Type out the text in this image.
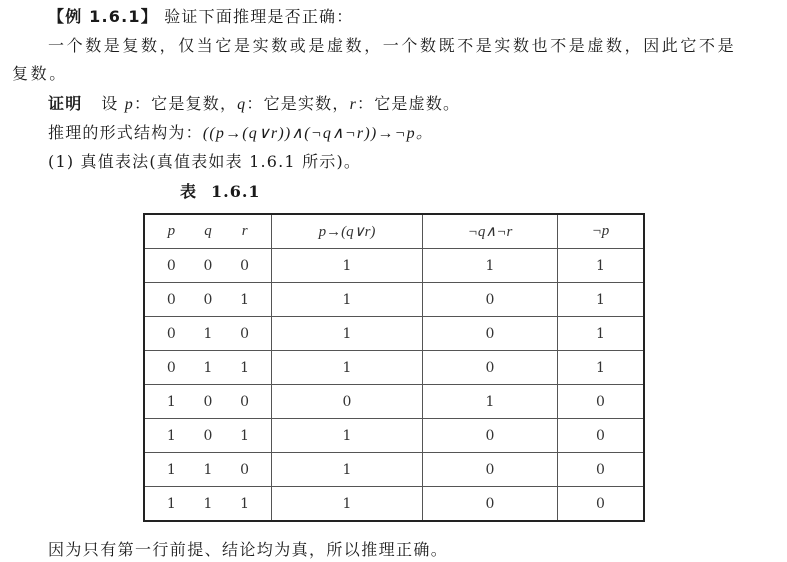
【例 1.6.1】 验证下面推理是否正确：
一个数是复数，仅当它是实数或是虚数，一个数既不是实数也不是虚数，因此它不是
复数。
证明 设 p：它是复数，q：它是实数，r：它是虚数。
推理的形式结构为：((p→(q∨r))∧(¬q∧¬r))→¬p。
(1) 真值表法(真值表如表 1.6.1 所示)。
表 1.6.1
p q r	p→(q∨r)	¬q∧¬r	¬p

0 0 0	1	1	1

0 0 1	1	0	1

0 1 0	1	0	1

0 1 1	1	0	1

1 0 0	0	1	0

1 0 1	1	0	0

1 1 0	1	0	0

1 1 1	1	0	0
因为只有第一行前提、结论均为真，所以推理正确。
